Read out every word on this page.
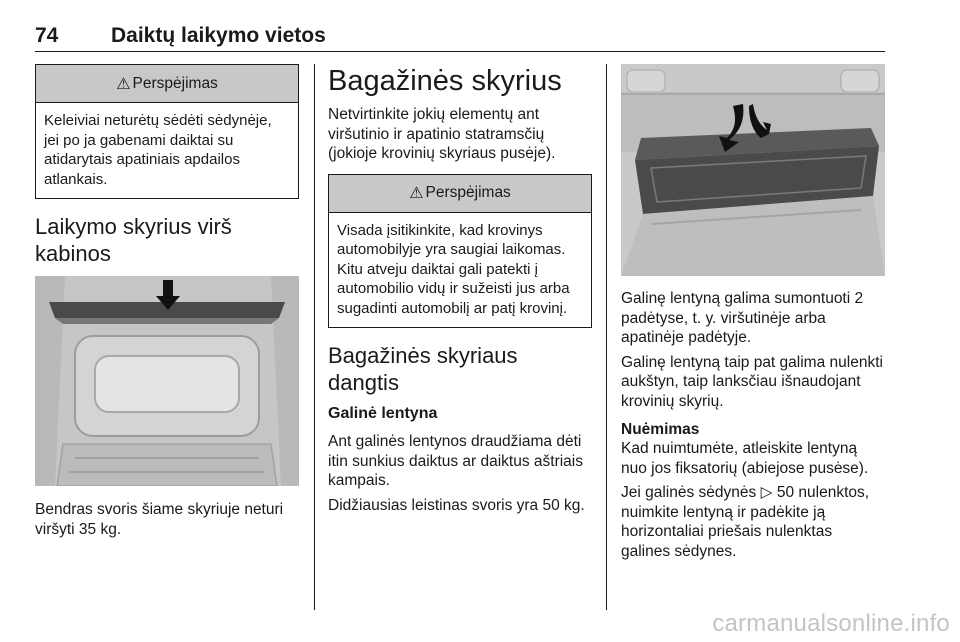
74	Daiktų laikymo vietos
⚠ Perspėjimas
Keleiviai neturėtų sėdėti sėdynėje, jei po ja gabenami daiktai su atidarytais apatiniais apdailos atlankais.
Laikymo skyrius virš kabinos

Bendras svoris šiame skyriuje neturi viršyti 35 kg.

Bagažinės skyrius

Netvirtinkite jokių elementų ant viršutinio ir apatinio statramsčių (jokioje krovinių skyriaus pusėje).

⚠ Perspėjimas
Visada įsitikinkite, kad krovinys automobilyje yra saugiai laikomas. Kitu atveju daiktai gali patekti į automobilio vidų ir sužeisti jus arba sugadinti automobilį ar patį krovinį.
Bagažinės skyriaus dangtis
Galinė lentyna

Ant galinės lentynos draudžiama dėti itin sunkius daiktus ar daiktus aštriais kampais.

Didžiausias leistinas svoris yra 50 kg.

Galinę lentyną galima sumontuoti 2 padėtyse, t. y. viršutinėje arba apatinėje padėtyje.

Galinę lentyną taip pat galima nulenkti aukštyn, taip lanksčiau išnaudojant krovinių skyrių.

Nuėmimas

Kad nuimtumėte, atleiskite lentyną nuo jos fiksatorių (abiejose pusėse).

Jei galinės sėdynės ▷ 50 nulenktos, nuimkite lentyną ir padėkite ją horizontaliai priešais nulenktas galines sėdynes.

carmanualsonline.info
